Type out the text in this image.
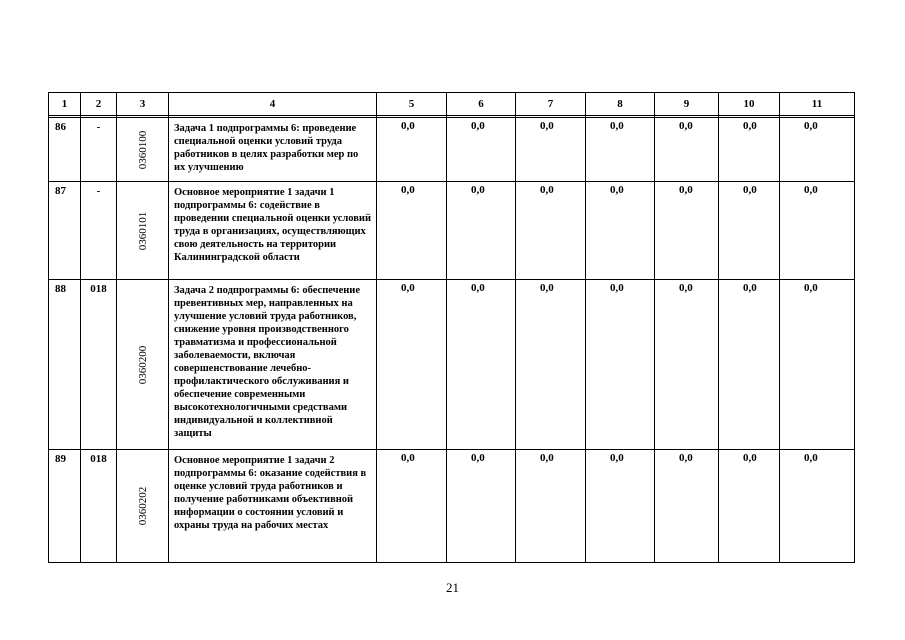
1	2	3	4	5	6	7	8	9	10	11

86	-	0360100	Задача 1 подпрограммы 6: проведение специальной оценки условий труда работников в целях разработки мер по их улучшению	0,0	0,0	0,0	0,0	0,0	0,0	0,0
87	-	0360101	Основное мероприятие 1 задачи 1 подпрограммы 6: содействие в проведении специальной оценки условий труда в организациях, осуществляющих свою деятельность на территории Калининградской области	0,0	0,0	0,0	0,0	0,0	0,0	0,0
88	018	0360200	Задача 2 подпрограммы 6: обеспечение превентивных мер, направленных на улучшение условий труда работников, снижение уровня производственного травматизма и профессиональной заболеваемости, включая совершенствование лечебно-профилактического обслуживания и обеспечение современными высокотехнологичными средствами индивидуальной и коллективной защиты	0,0	0,0	0,0	0,0	0,0	0,0	0,0
89	018	0360202	Основное мероприятие 1 задачи 2 подпрограммы 6: оказание содействия в оценке условий труда работников и получение работниками объективной информации о состоянии условий и охраны труда на рабочих местах	0,0	0,0	0,0	0,0	0,0	0,0	0,0
21
